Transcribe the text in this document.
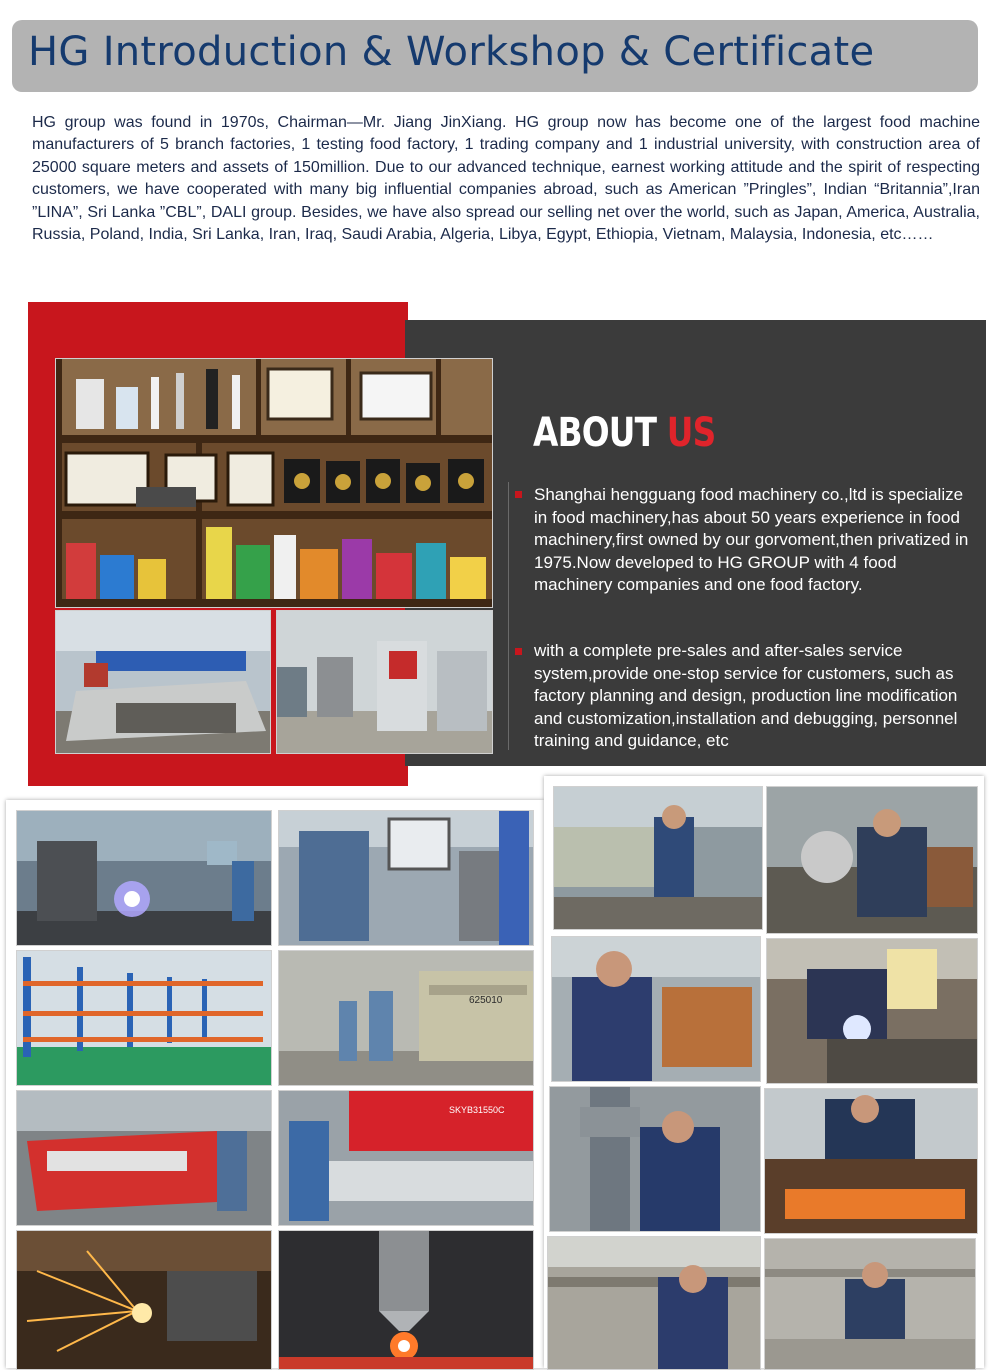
HG Introduction & Workshop & Certificate

HG group was found in 1970s, Chairman—Mr. Jiang JinXiang. HG group now has become one of the largest food machine manufacturers of 5 branch factories, 1 testing food factory, 1 trading company and 1 industrial university, with construction area of 25000 square meters and assets of 150million. Due to our advanced technique, earnest working attitude and the spirit of respecting customers, we have cooperated with many big influential companies abroad, such as American ”Pringles”, Indian “Britannia”,Iran ”LINA”, Sri Lanka ”CBL”, DALI group. Besides, we have also spread our selling net over the world, such as Japan, America, Australia, Russia, Poland, India, Sri Lanka, Iran, Iraq, Saudi Arabia, Algeria, Libya, Egypt, Ethiopia, Vietnam, Malaysia, Indonesia, etc……

ABOUT US

Shanghai hengguang food machinery co.,ltd is specialize in food machinery,has about 50 years experience in food machinery,first owned by our gorvoment,then privatized in 1975.Now developed to HG GROUP with 4 food machinery companies and one food factory.

with a complete pre-sales and after-sales service system,provide one-stop service for customers, such as factory planning and design, production line modification and customization,installation and debugging, personnel training and guidance, etc

625010
SKYB31550C
